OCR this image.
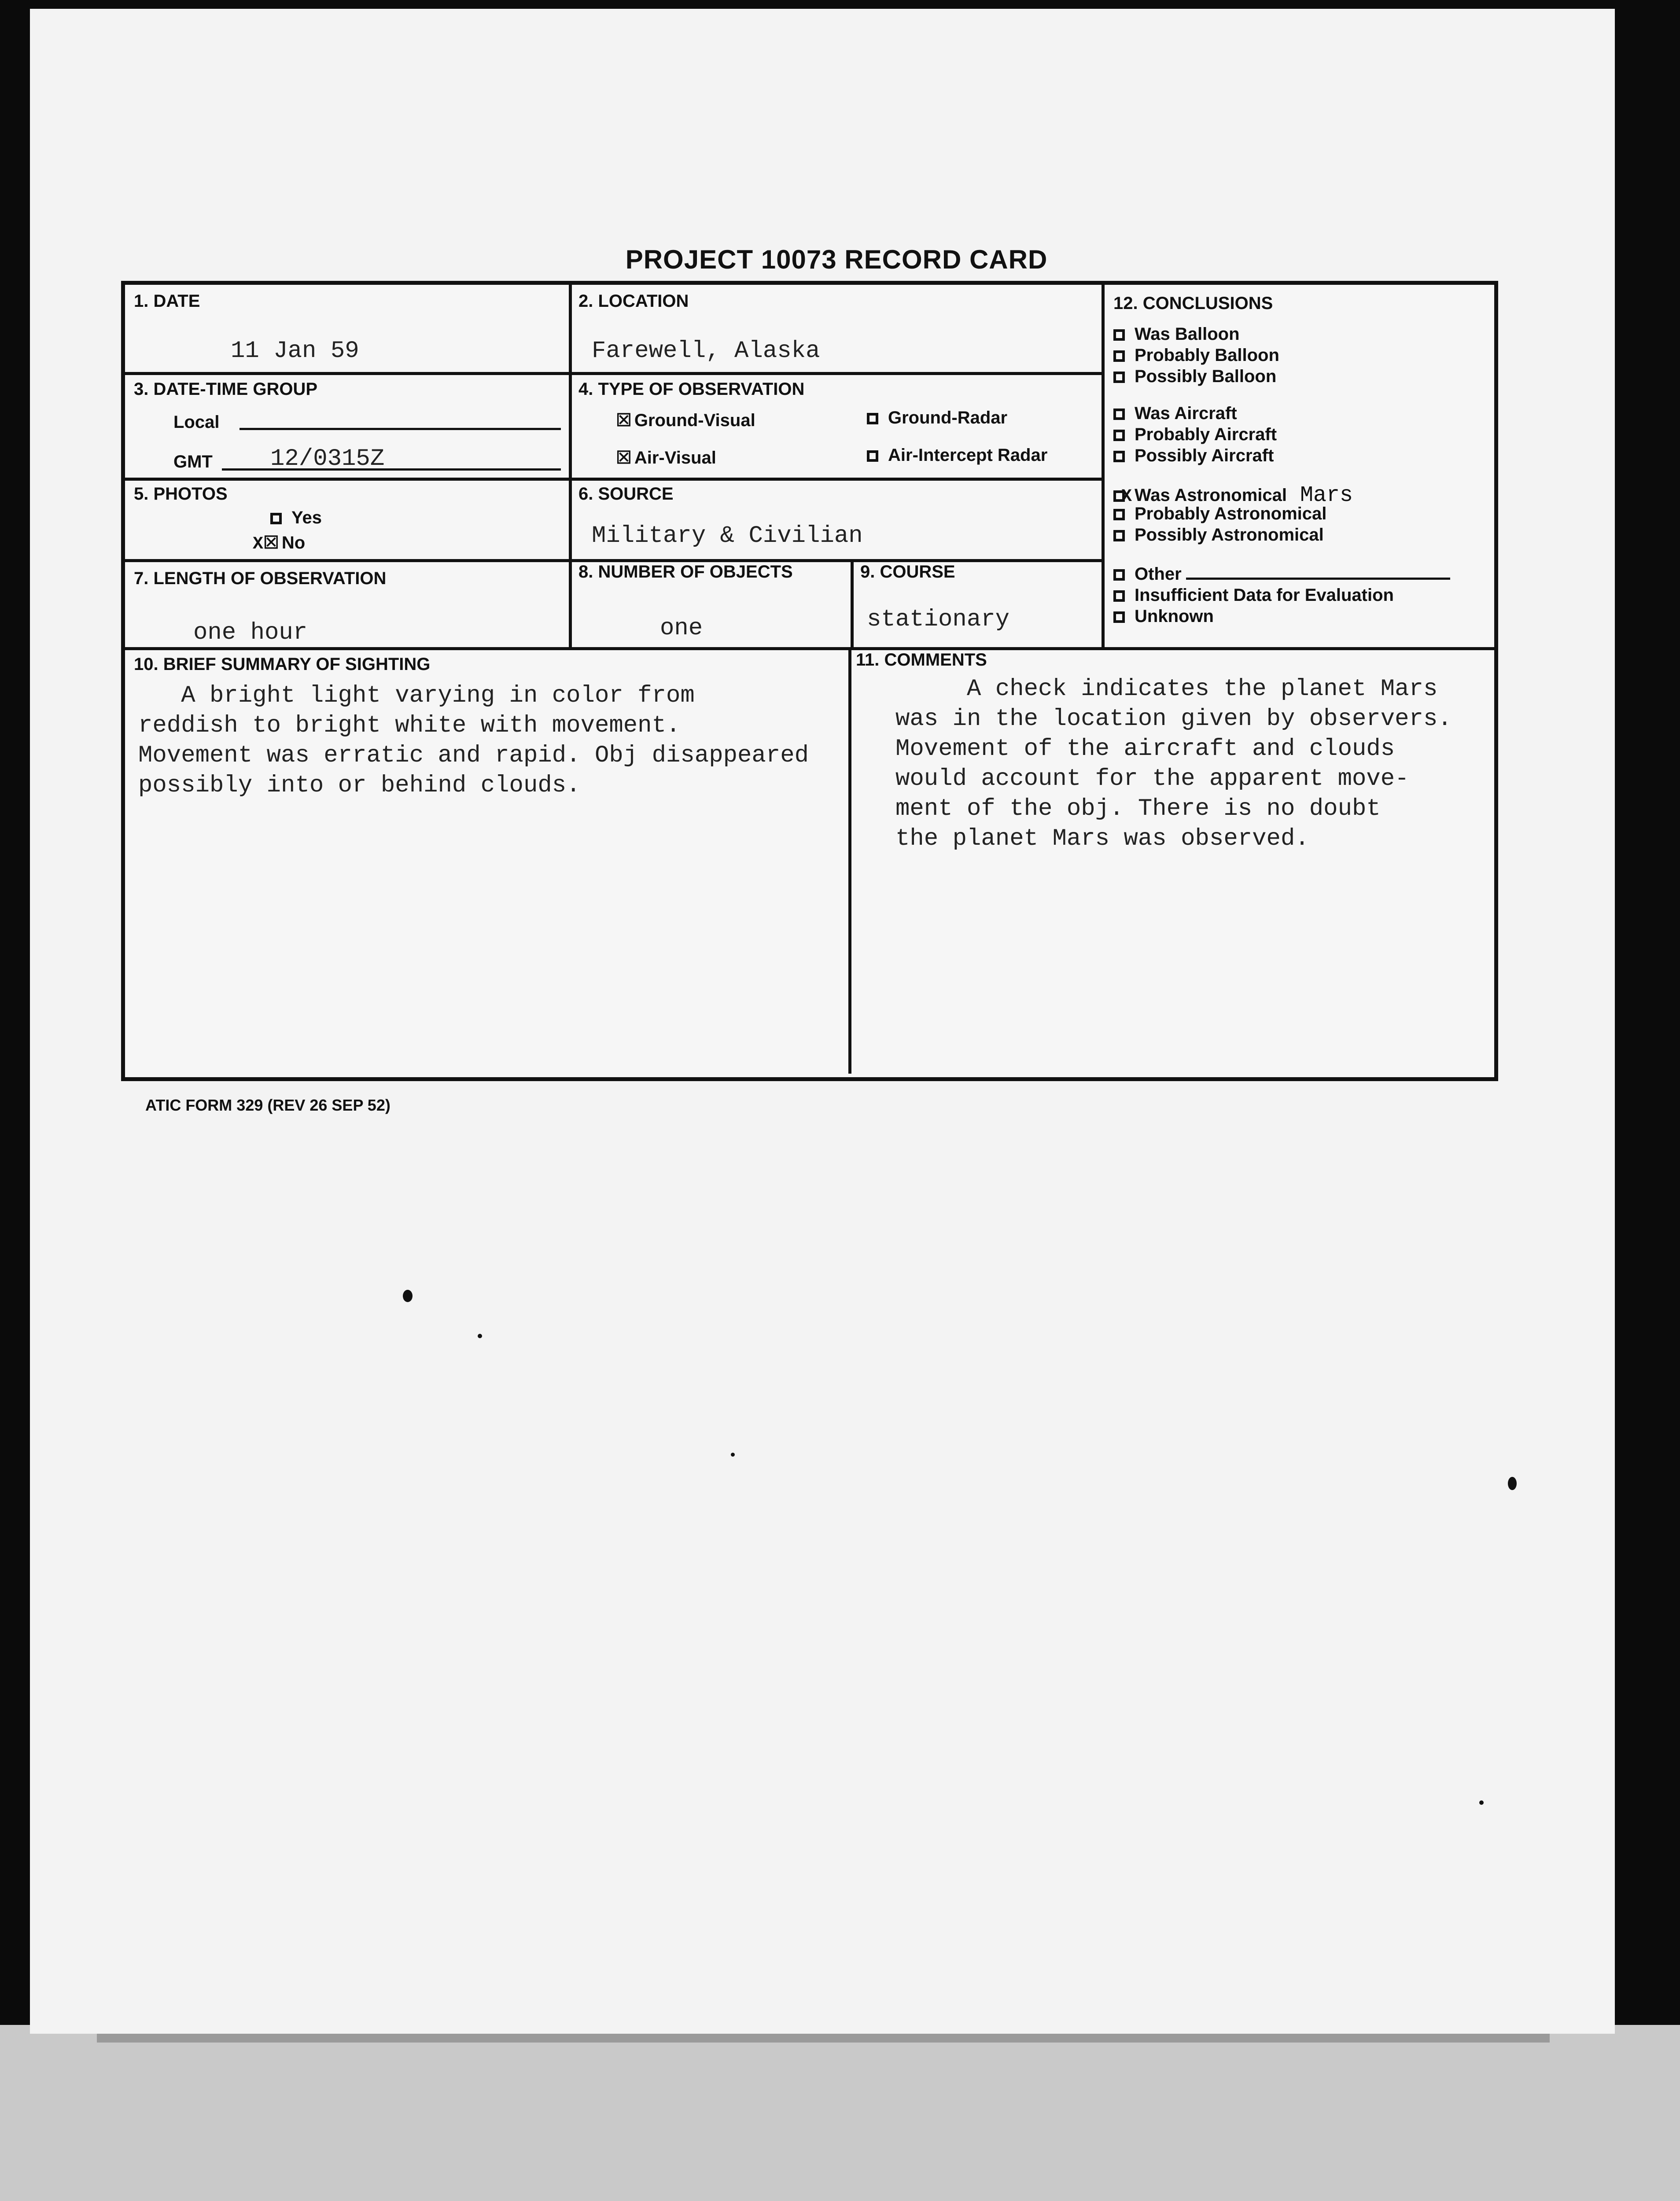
PROJECT 10073 RECORD CARD
1. DATE
11 Jan 59
2. LOCATION
Farewell, Alaska
3. DATE-TIME GROUP
Local
GMT 12/0315Z
4. TYPE OF OBSERVATION
☒ Ground-Visual	Ground-Radar
☒ Air-Visual	Air-Intercept Radar
5. PHOTOS
Yes
X☒ No
6. SOURCE
Military & Civilian
7. LENGTH OF OBSERVATION
one hour
8. NUMBER OF OBJECTS
one
9. COURSE
stationary
12. CONCLUSIONS
Was Balloon
Probably Balloon
Possibly Balloon
Was Aircraft
Probably Aircraft
Possibly Aircraft
X Was Astronomical Mars
Probably Astronomical
Possibly Astronomical
Other
Insufficient Data for Evaluation
Unknown
10. BRIEF SUMMARY OF SIGHTING
A bright light varying in color from
reddish to bright white with movement.
Movement was erratic and rapid. Obj disappeared
possibly into or behind clouds.
11. COMMENTS
A check indicates the planet Mars
was in the location given by observers.
Movement of the aircraft and clouds
would account for the apparent move-
ment of the obj. There is no doubt
the planet Mars was observed.
ATIC FORM 329 (REV 26 SEP 52)
